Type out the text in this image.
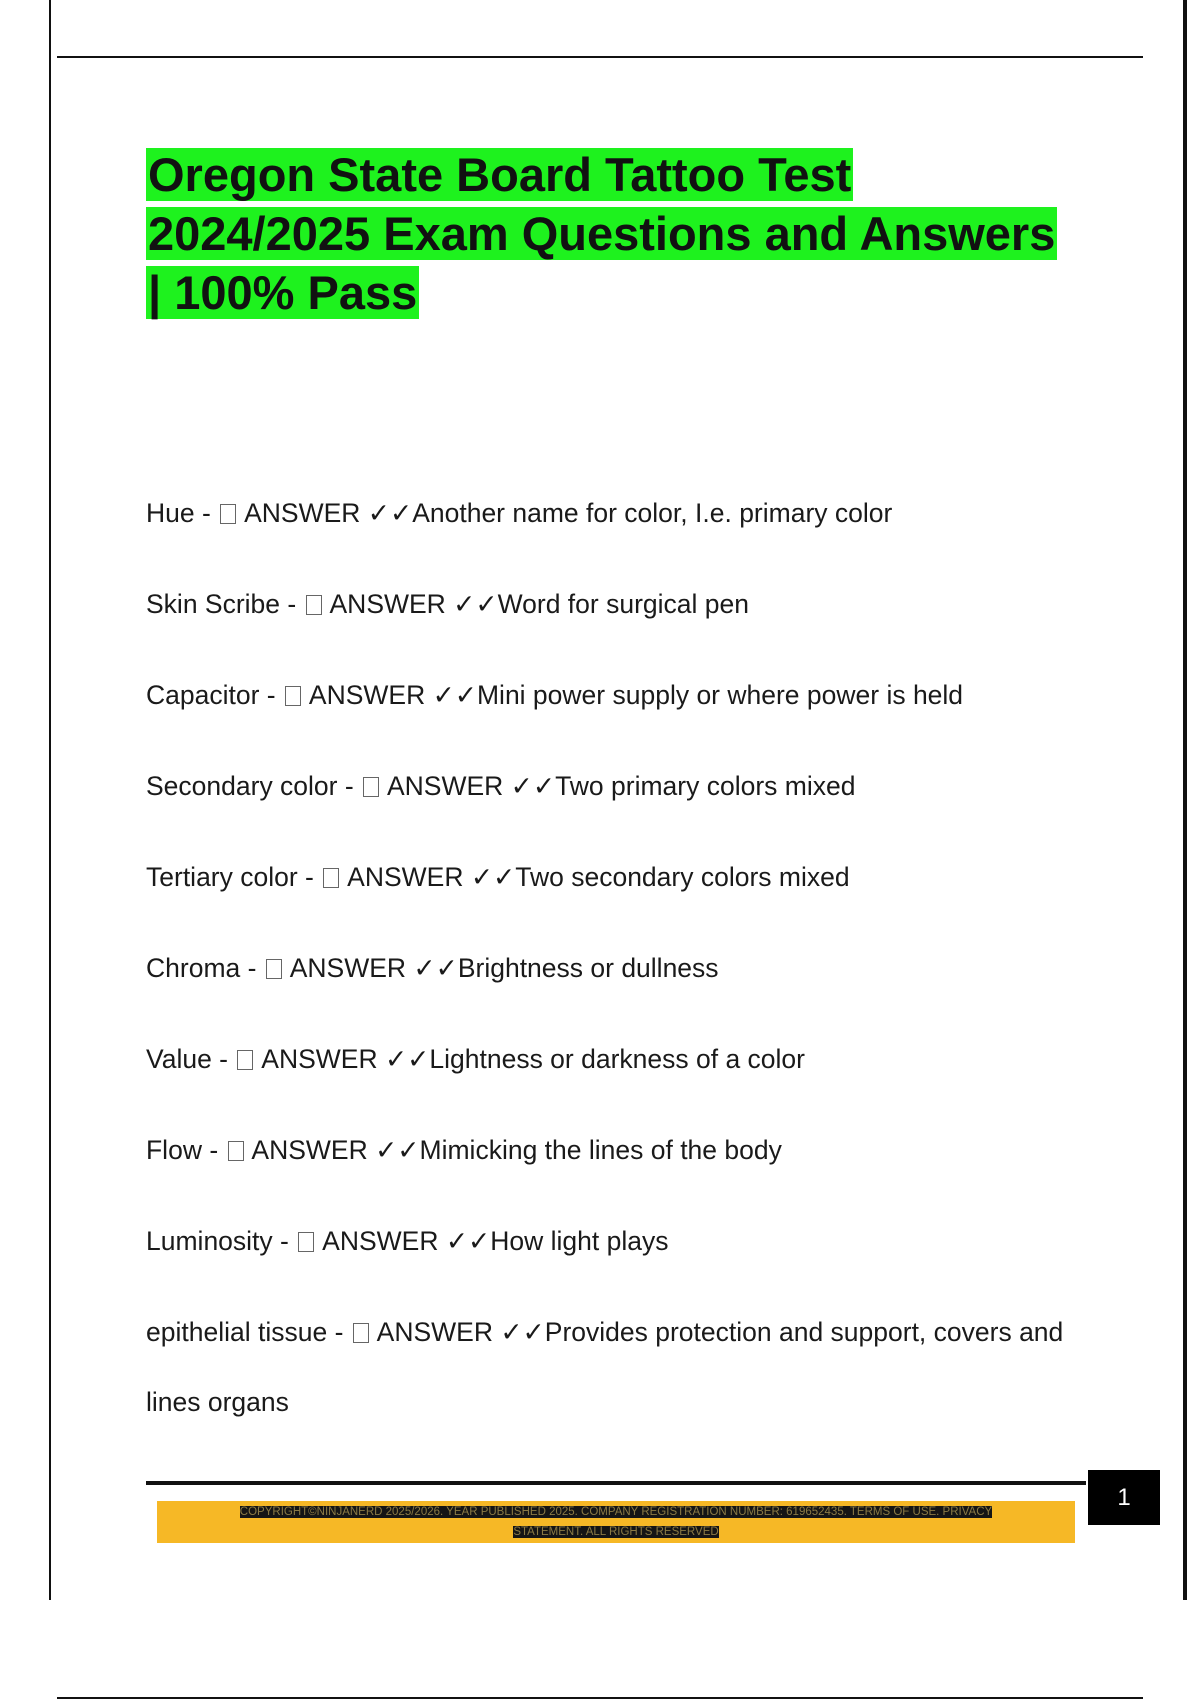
Oregon State Board Tattoo Test
2024/2025 Exam Questions and Answers
| 100% Pass
Hue -  ANSWER ✓✓Another name for color, I.e. primary color
Skin Scribe -  ANSWER ✓✓Word for surgical pen
Capacitor -  ANSWER ✓✓Mini power supply or where power is held
Secondary color -  ANSWER ✓✓Two primary colors mixed
Tertiary color -  ANSWER ✓✓Two secondary colors mixed
Chroma -  ANSWER ✓✓Brightness or dullness
Value -  ANSWER ✓✓Lightness or darkness of a color
Flow -  ANSWER ✓✓Mimicking the lines of the body
Luminosity -  ANSWER ✓✓How light plays
epithelial tissue -  ANSWER ✓✓Provides protection and support, covers and lines organs
1
COPYRIGHT©NINJANERD 2025/2026. YEAR PUBLISHED 2025. COMPANY REGISTRATION NUMBER: 619652435. TERMS OF USE. PRIVACY
STATEMENT. ALL RIGHTS RESERVED
